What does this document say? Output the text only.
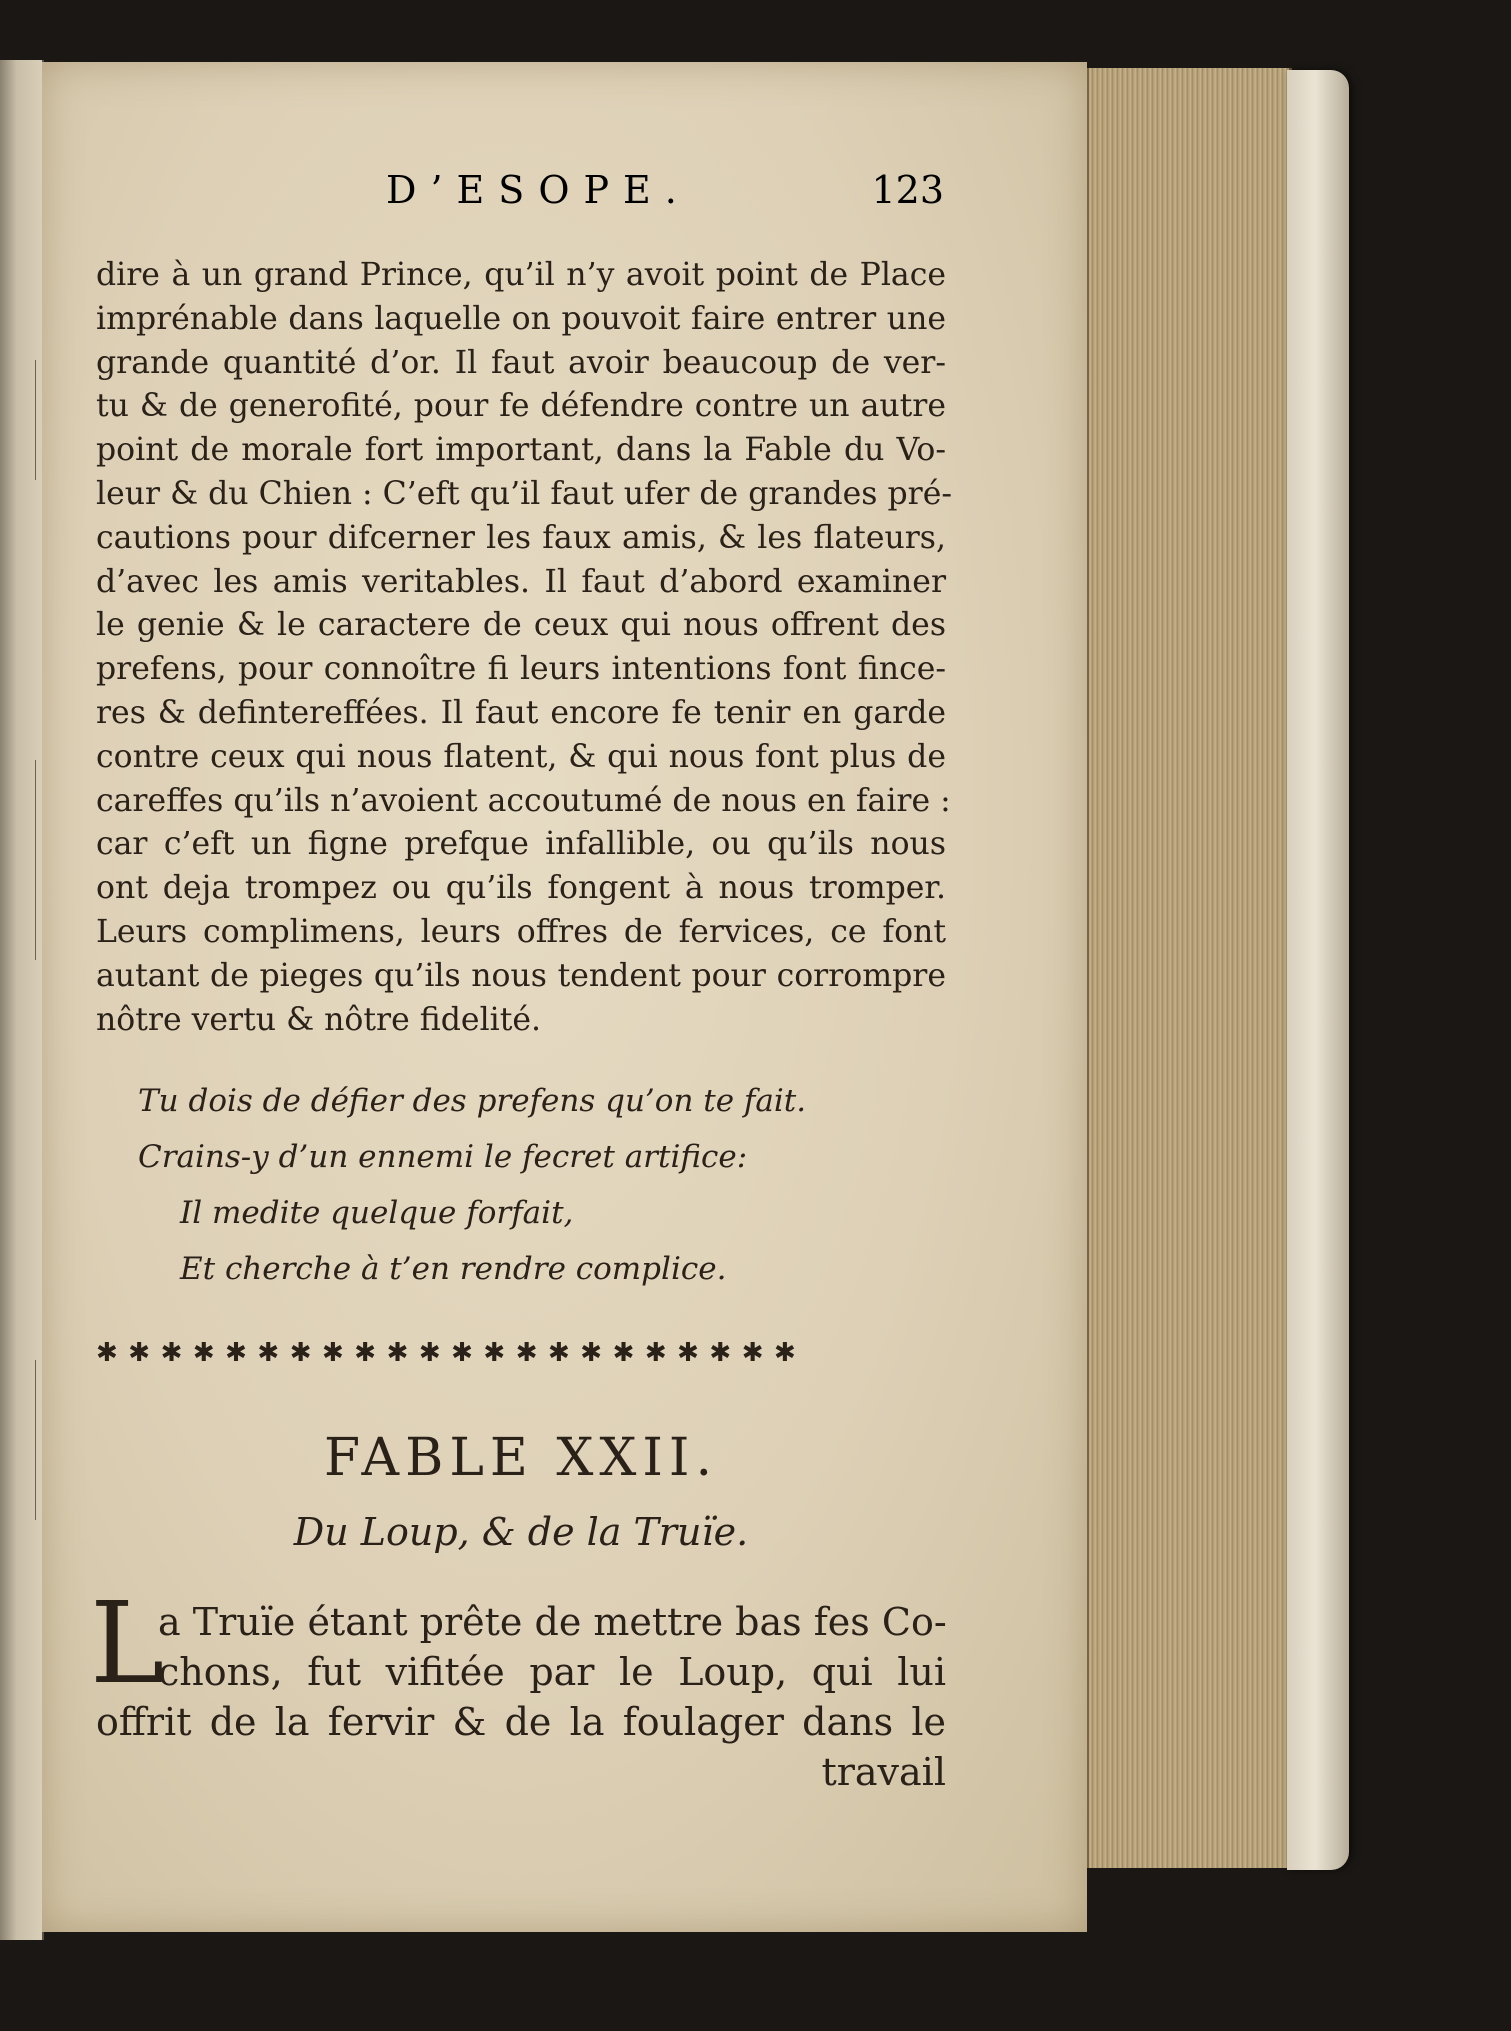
D’ESOPE.	123
dire à un grand Prince, qu’il n’y avoit point de Place
imprénable dans laquelle on pouvoit faire entrer une
grande quantité d’or. Il faut avoir beaucoup de ver-
tu & de generofité, pour fe défendre contre un autre
point de morale fort important, dans la Fable du Vo-
leur & du Chien : C’eft qu’il faut ufer de grandes pré-
cautions pour difcerner les faux amis, & les flateurs,
d’avec les amis veritables. Il faut d’abord examiner
le genie & le caractere de ceux qui nous offrent des
prefens, pour connoître fi leurs intentions font fince-
res & defintereffées. Il faut encore fe tenir en garde
contre ceux qui nous flatent, & qui nous font plus de
careffes qu’ils n’avoient accoutumé de nous en faire :
car c’eft un figne prefque infallible, ou qu’ils nous
ont deja trompez ou qu’ils fongent à nous tromper.
Leurs complimens, leurs offres de fervices, ce font
autant de pieges qu’ils nous tendent pour corrompre
nôtre vertu & nôtre fidelité.
Tu dois de défier des prefens qu’on te fait.
Crains-y d’un ennemi le fecret artifice:
Il medite quelque forfait,
Et cherche à t’en rendre complice.
✱✱✱✱✱✱✱✱✱✱✱✱✱✱✱✱✱✱✱✱✱✱
FABLE XXII.
Du Loup, & de la Truïe.
L
a Truïe étant prête de mettre bas fes Co-
chons, fut vifitée par le Loup, qui lui
offrit de la fervir & de la foulager dans le
travail
